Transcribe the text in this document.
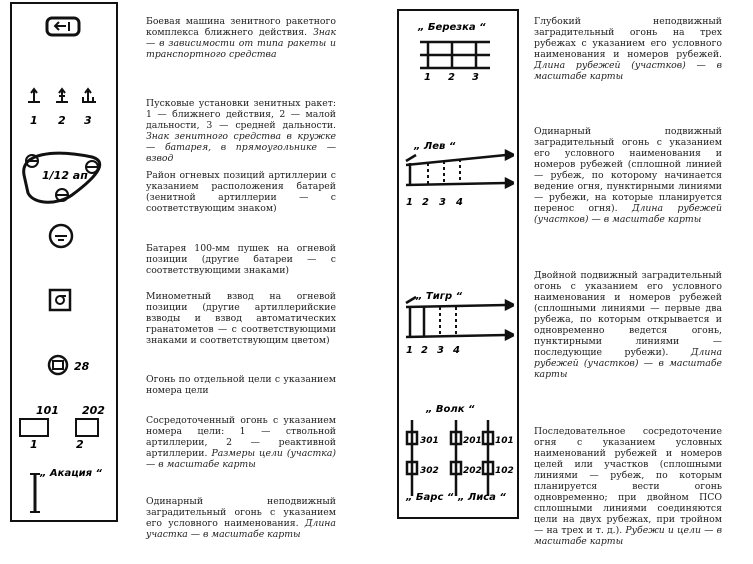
1 2 3
1/12 ап
28
101 202
1	2
„ Акация “

Боевая машина зенитного ракетного комплекса ближнего действия. Знак — в зависимости от типа ракеты и транспортного средства

Пусковые установки зенитных ракет: 1 — ближнего действия, 2 — малой дальности, 3 — средней дальности. Знак зенитного средства в кружке — батарея, в прямоугольнике — взвод

Район огневых позиций артиллерии с указанием расположения батарей (зенитной артиллерии — с соответствующим знаком)

Батарея 100-мм пушек на огневой позиции (другие батареи — с соответствующими знаками)

Минометный взвод на огневой позиции (другие артиллерийские взводы и взвод автоматических гранатометов — с соответствующими знаками и соответствующим цветом)

Огонь по отдельной цели с указанием номера цели

Сосредоточенный огонь с указанием номера цели: 1 — ствольной артиллерии, 2 — реактивной артиллерии. Размеры цели (участка) — в масштабе карты

Одинарный неподвижный заградительный огонь с указанием его условного наименования. Длина участка — в масштабе карты

„ Березка “
1 2 3
„ Лев “
1 2 3 4
„ Тигр “
1 2 3 4
„ Волк “
301	201 101
302	202 102
„ Барс “ „ Лиса “

Глубокий неподвижный заградительный огонь на трех рубежах с указанием его условного наименования и номеров рубежей. Длина рубежей (участков) — в масштабе карты

Одинарный подвижный заградительный огонь с указанием его условного наименования и номеров рубежей (сплошной линией — рубеж, по которому начинается ведение огня, пунктирными линиями — рубежи, на которые планируется перенос огня). Длина рубежей (участков) — в масштабе карты

Двойной подвижный заградительный огонь с указанием его условного наименования и номеров рубежей (сплошными линиями — первые два рубежа, по которым открывается и одновременно ведется огонь, пунктирными линиями — последующие рубежи). Длина рубежей (участков) — в масштабе карты

Последовательное сосредоточение огня с указанием условных наименований рубежей и номеров целей или участков (сплошными линиями — рубеж, по которым планируется вести огонь одновременно; при двойном ПСО сплошными линиями соединяются цели на двух рубежах, при тройном — на трех и т. д.). Рубежи и цели — в масштабе карты
